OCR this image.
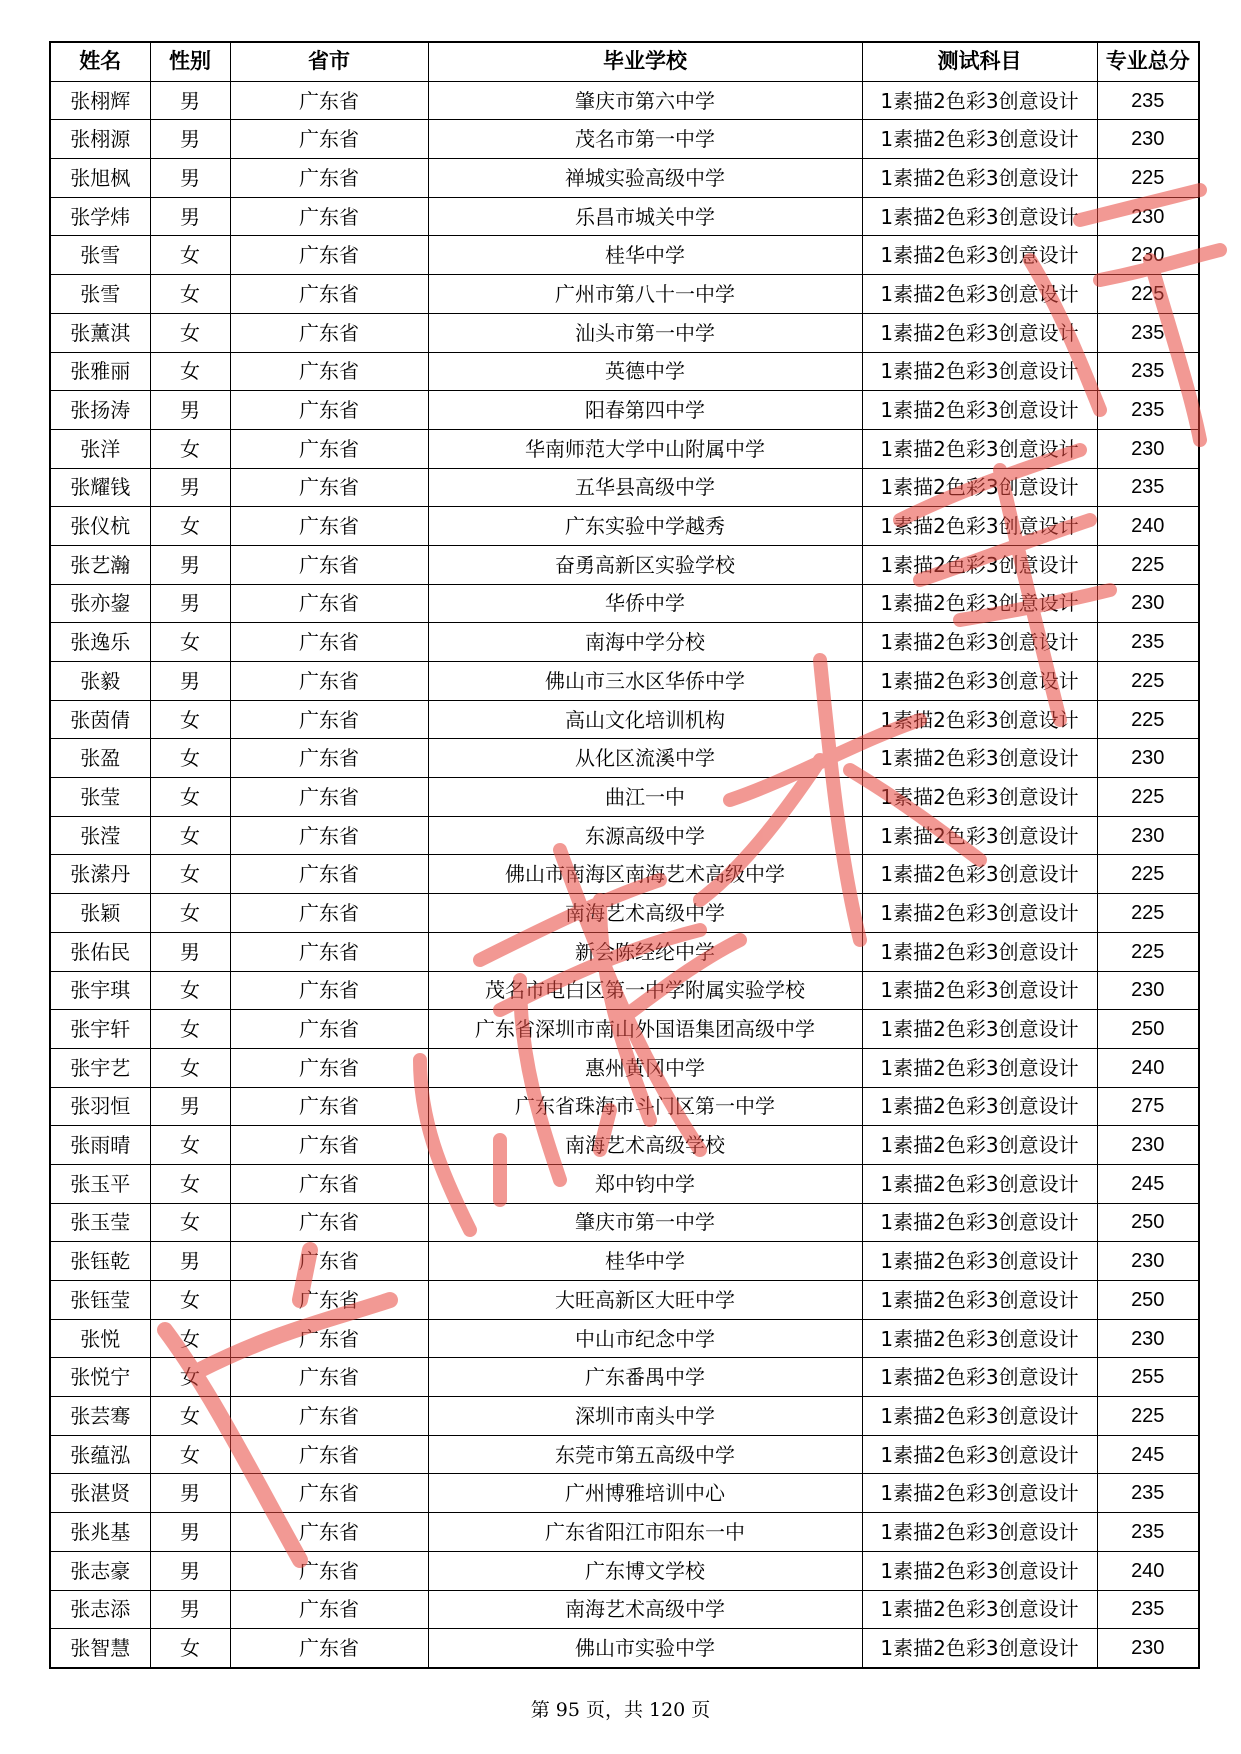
姓名	性别	省市	毕业学校	测试科目	专业总分
张栩辉	男	广东省	肇庆市第六中学	1素描2色彩3创意设计	235
张栩源	男	广东省	茂名市第一中学	1素描2色彩3创意设计	230
张旭枫	男	广东省	禅城实验高级中学	1素描2色彩3创意设计	225
张学炜	男	广东省	乐昌市城关中学	1素描2色彩3创意设计	230
张雪	女	广东省	桂华中学	1素描2色彩3创意设计	230
张雪	女	广东省	广州市第八十一中学	1素描2色彩3创意设计	225
张薰淇	女	广东省	汕头市第一中学	1素描2色彩3创意设计	235
张雅丽	女	广东省	英德中学	1素描2色彩3创意设计	235
张扬涛	男	广东省	阳春第四中学	1素描2色彩3创意设计	235
张洋	女	广东省	华南师范大学中山附属中学	1素描2色彩3创意设计	230
张耀钱	男	广东省	五华县高级中学	1素描2色彩3创意设计	235
张仪杭	女	广东省	广东实验中学越秀	1素描2色彩3创意设计	240
张艺瀚	男	广东省	奋勇高新区实验学校	1素描2色彩3创意设计	225
张亦鋆	男	广东省	华侨中学	1素描2色彩3创意设计	230
张逸乐	女	广东省	南海中学分校	1素描2色彩3创意设计	235
张毅	男	广东省	佛山市三水区华侨中学	1素描2色彩3创意设计	225
张茵倩	女	广东省	高山文化培训机构	1素描2色彩3创意设计	225
张盈	女	广东省	从化区流溪中学	1素描2色彩3创意设计	230
张莹	女	广东省	曲江一中	1素描2色彩3创意设计	225
张滢	女	广东省	东源高级中学	1素描2色彩3创意设计	230
张潆丹	女	广东省	佛山市南海区南海艺术高级中学	1素描2色彩3创意设计	225
张颖	女	广东省	南海艺术高级中学	1素描2色彩3创意设计	225
张佑民	男	广东省	新会陈经纶中学	1素描2色彩3创意设计	225
张宇琪	女	广东省	茂名市电白区第一中学附属实验学校	1素描2色彩3创意设计	230
张宇轩	女	广东省	广东省深圳市南山外国语集团高级中学	1素描2色彩3创意设计	250
张宇艺	女	广东省	惠州黄冈中学	1素描2色彩3创意设计	240
张羽恒	男	广东省	广东省珠海市斗门区第一中学	1素描2色彩3创意设计	275
张雨晴	女	广东省	南海艺术高级学校	1素描2色彩3创意设计	230
张玉平	女	广东省	郑中钧中学	1素描2色彩3创意设计	245
张玉莹	女	广东省	肇庆市第一中学	1素描2色彩3创意设计	250
张钰乾	男	广东省	桂华中学	1素描2色彩3创意设计	230
张钰莹	女	广东省	大旺高新区大旺中学	1素描2色彩3创意设计	250
张悦	女	广东省	中山市纪念中学	1素描2色彩3创意设计	230
张悦宁	女	广东省	广东番禺中学	1素描2色彩3创意设计	255
张芸骞	女	广东省	深圳市南头中学	1素描2色彩3创意设计	225
张蕴泓	女	广东省	东莞市第五高级中学	1素描2色彩3创意设计	245
张湛贤	男	广东省	广州博雅培训中心	1素描2色彩3创意设计	235
张兆基	男	广东省	广东省阳江市阳东一中	1素描2色彩3创意设计	235
张志豪	男	广东省	广东博文学校	1素描2色彩3创意设计	240
张志添	男	广东省	南海艺术高级中学	1素描2色彩3创意设计	235
张智慧	女	广东省	佛山市实验中学	1素描2色彩3创意设计	230
第 95 页，共 120 页
